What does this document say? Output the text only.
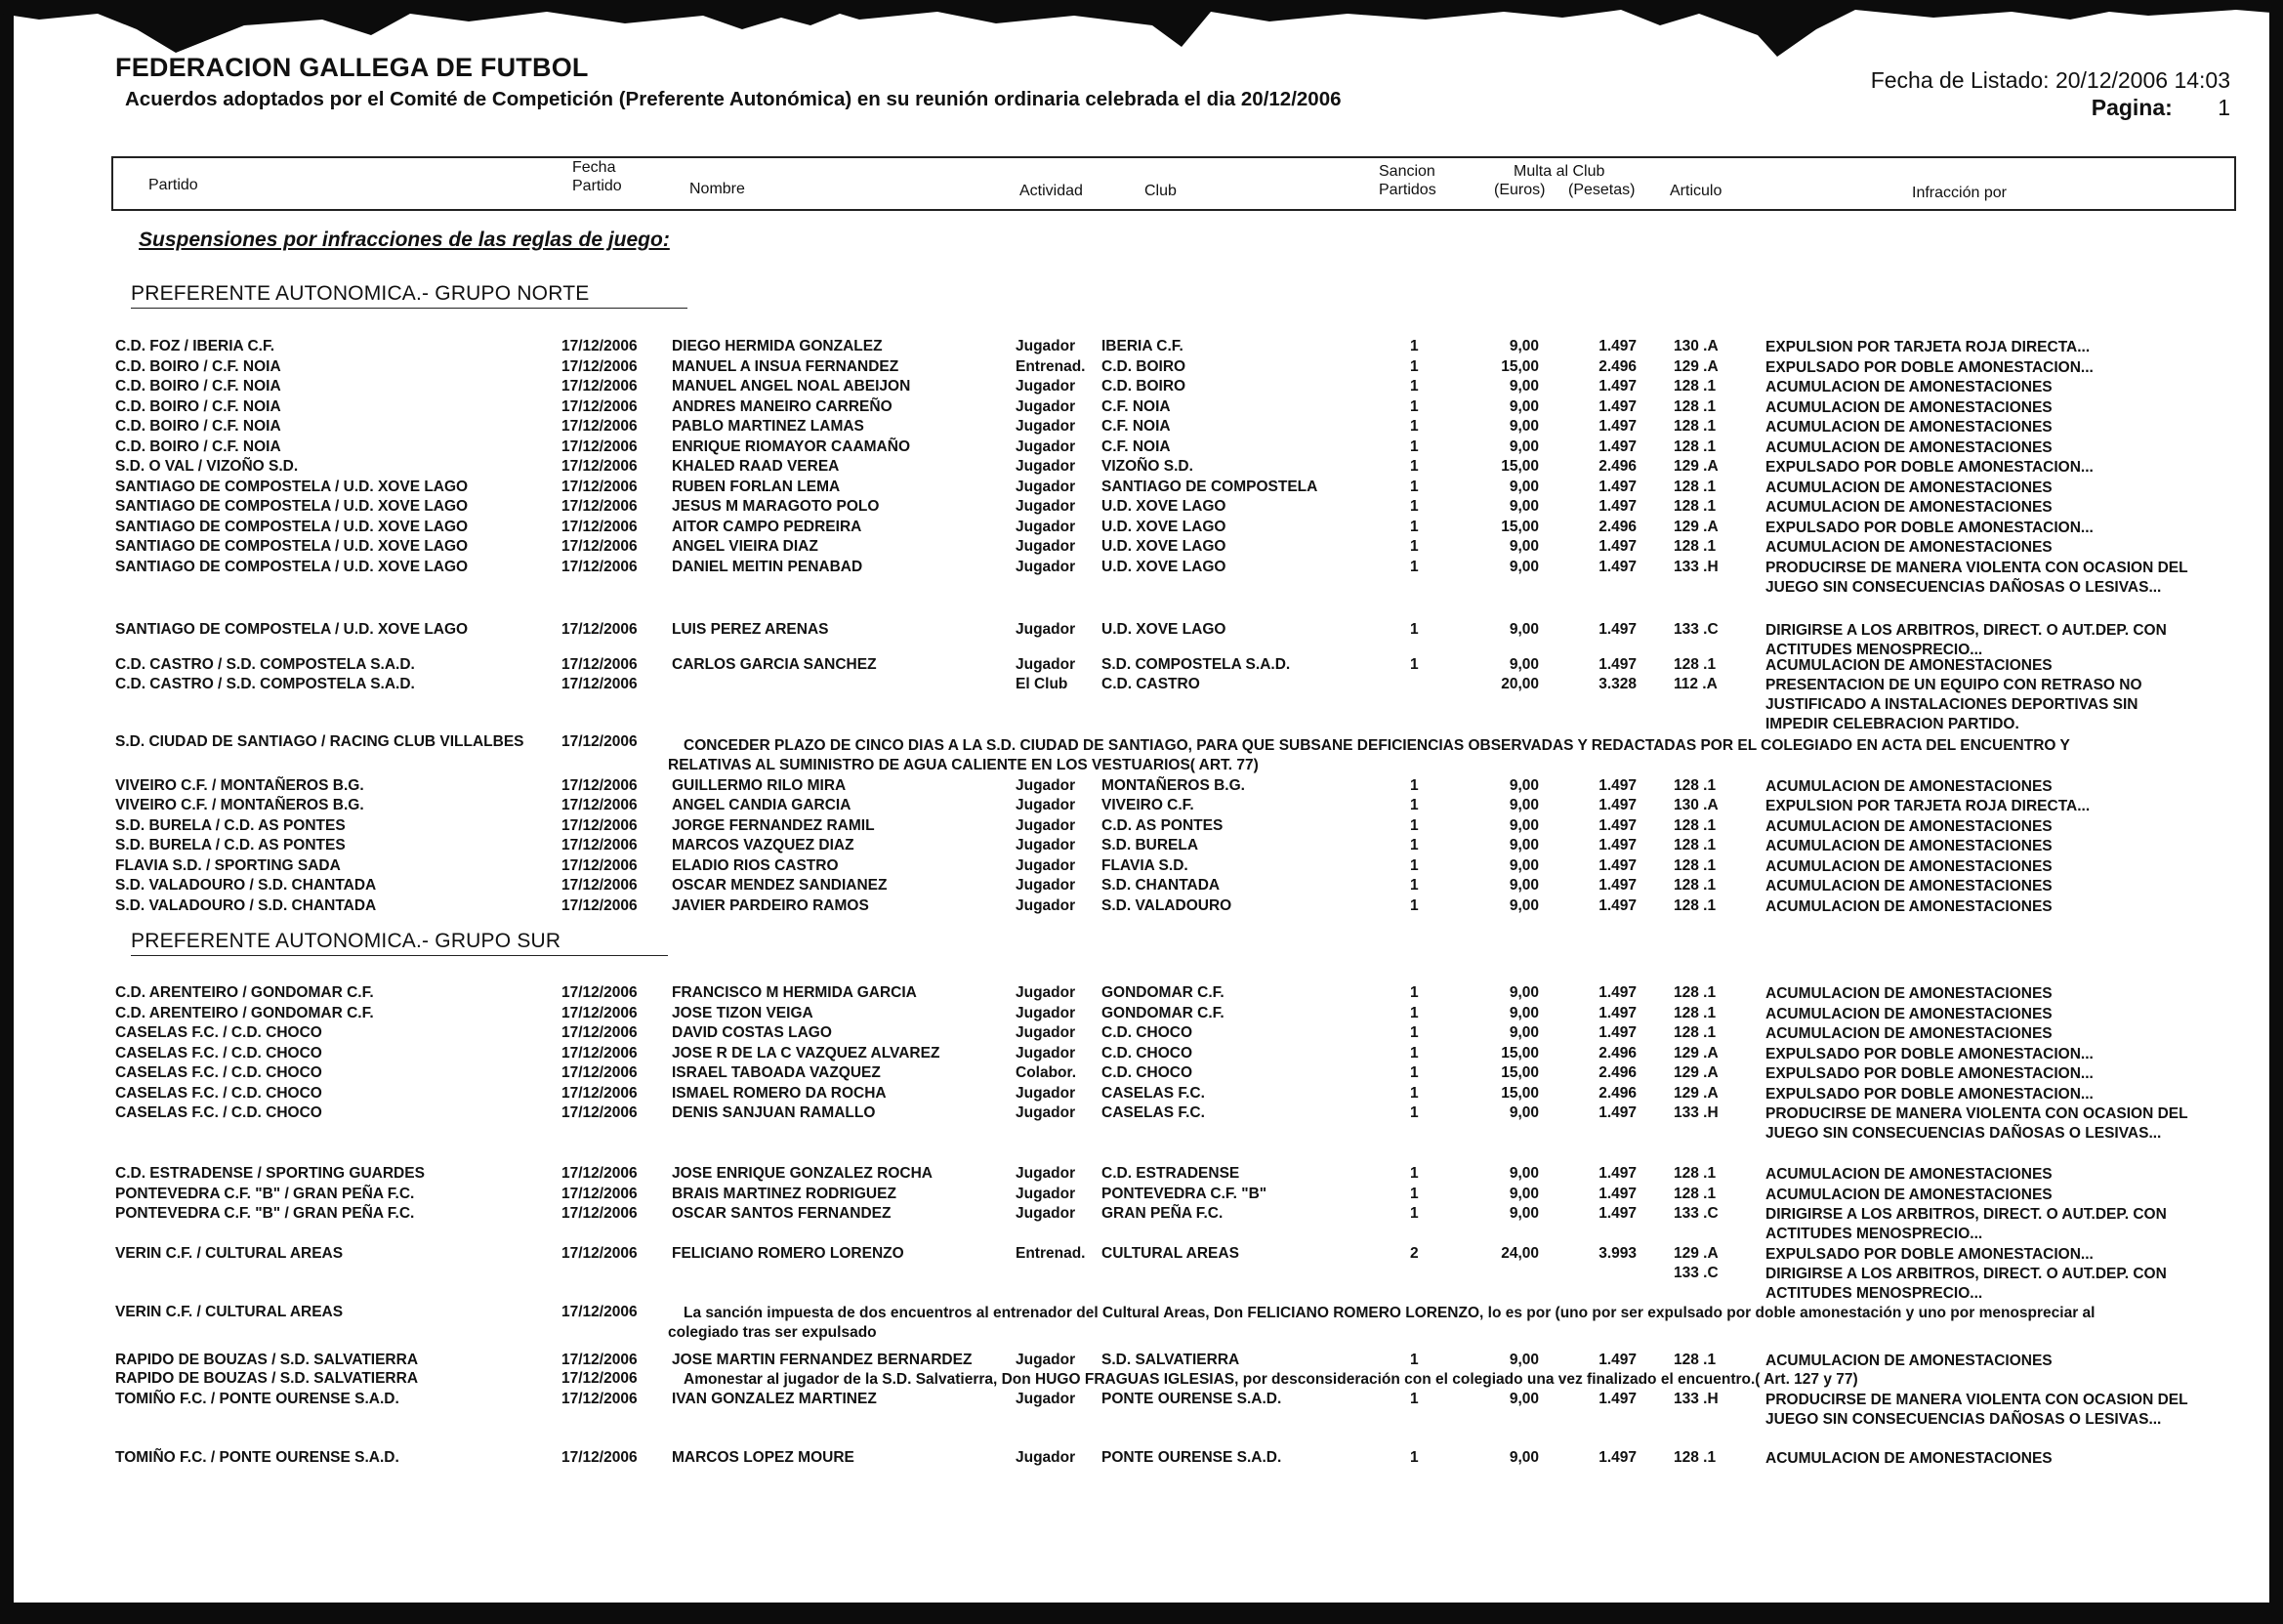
FEDERACION GALLEGA DE FUTBOL
Acuerdos adoptados por el Comité de Competición (Preferente Autonómica) en su reunión ordinaria celebrada el dia 20/12/2006
Fecha de Listado: 20/12/2006 14:03
Pagina: 1
Partido
Fecha
Partido	Nombre	Actividad	Club
Sancion
Partidos
Multa al Club
(Euros) (Pesetas) Articulo	Infracción por
Suspensiones por infracciones de las reglas de juego:
PREFERENTE AUTONOMICA.- GRUPO NORTE
C.D. FOZ / IBERIA C.F.	17/12/2006 DIEGO HERMIDA GONZALEZ	Jugador IBERIA C.F.	1	9,00	1.497 130 .A	EXPULSION POR TARJETA ROJA DIRECTA...
C.D. BOIRO / C.F. NOIA	17/12/2006 MANUEL A INSUA FERNANDEZ	Entrenad. C.D. BOIRO	1	15,00	2.496 129 .A	EXPULSADO POR DOBLE AMONESTACION...
C.D. BOIRO / C.F. NOIA	17/12/2006 MANUEL ANGEL NOAL ABEIJON	Jugador C.D. BOIRO	1	9,00	1.497 128 .1	ACUMULACION DE AMONESTACIONES
C.D. BOIRO / C.F. NOIA	17/12/2006 ANDRES MANEIRO CARREÑO	Jugador C.F. NOIA	1	9,00	1.497 128 .1	ACUMULACION DE AMONESTACIONES
C.D. BOIRO / C.F. NOIA	17/12/2006 PABLO MARTINEZ LAMAS	Jugador C.F. NOIA	1	9,00	1.497 128 .1	ACUMULACION DE AMONESTACIONES
C.D. BOIRO / C.F. NOIA	17/12/2006 ENRIQUE RIOMAYOR CAAMAÑO	Jugador C.F. NOIA	1	9,00	1.497 128 .1	ACUMULACION DE AMONESTACIONES
S.D. O VAL / VIZOÑO S.D.	17/12/2006 KHALED RAAD VEREA	Jugador VIZOÑO S.D.	1	15,00	2.496 129 .A	EXPULSADO POR DOBLE AMONESTACION...
SANTIAGO DE COMPOSTELA / U.D. XOVE LAGO	17/12/2006 RUBEN FORLAN LEMA	Jugador SANTIAGO DE COMPOSTELA	1	9,00	1.497 128 .1	ACUMULACION DE AMONESTACIONES
SANTIAGO DE COMPOSTELA / U.D. XOVE LAGO	17/12/2006 JESUS M MARAGOTO POLO	Jugador U.D. XOVE LAGO	1	9,00	1.497 128 .1	ACUMULACION DE AMONESTACIONES
SANTIAGO DE COMPOSTELA / U.D. XOVE LAGO	17/12/2006 AITOR CAMPO PEDREIRA	Jugador U.D. XOVE LAGO	1	15,00	2.496 129 .A	EXPULSADO POR DOBLE AMONESTACION...
SANTIAGO DE COMPOSTELA / U.D. XOVE LAGO	17/12/2006 ANGEL VIEIRA DIAZ	Jugador U.D. XOVE LAGO	1	9,00	1.497 128 .1	ACUMULACION DE AMONESTACIONES
SANTIAGO DE COMPOSTELA / U.D. XOVE LAGO	17/12/2006 DANIEL MEITIN PENABAD	Jugador U.D. XOVE LAGO	1	9,00	1.497 133 .H	PRODUCIRSE DE MANERA VIOLENTA CON OCASION DEL
JUEGO SIN CONSECUENCIAS DAÑOSAS O LESIVAS...
SANTIAGO DE COMPOSTELA / U.D. XOVE LAGO	17/12/2006 LUIS PEREZ ARENAS	Jugador U.D. XOVE LAGO	1	9,00	1.497 133 .C	DIRIGIRSE A LOS ARBITROS, DIRECT. O AUT.DEP. CON
ACTITUDES MENOSPRECIO...
C.D. CASTRO / S.D. COMPOSTELA S.A.D.	17/12/2006 CARLOS GARCIA SANCHEZ	Jugador S.D. COMPOSTELA S.A.D.	1	9,00	1.497 128 .1	ACUMULACION DE AMONESTACIONES
C.D. CASTRO / S.D. COMPOSTELA S.A.D.	17/12/2006	El Club C.D. CASTRO	20,00	3.328 112 .A	PRESENTACION DE UN EQUIPO CON RETRASO NO
JUSTIFICADO A INSTALACIONES DEPORTIVAS SIN
IMPEDIR CELEBRACION PARTIDO.
S.D. CIUDAD DE SANTIAGO / RACING CLUB VILLALBES 17/12/2006	CONCEDER PLAZO DE CINCO DIAS A LA S.D. CIUDAD DE SANTIAGO, PARA QUE SUBSANE DEFICIENCIAS OBSERVADAS Y REDACTADAS POR EL COLEGIADO EN ACTA DEL ENCUENTRO Y
RELATIVAS AL SUMINISTRO DE AGUA CALIENTE EN LOS VESTUARIOS( ART. 77)
VIVEIRO C.F. / MONTAÑEROS B.G.	17/12/2006 GUILLERMO RILO MIRA	Jugador MONTAÑEROS B.G.	1	9,00	1.497 128 .1	ACUMULACION DE AMONESTACIONES
VIVEIRO C.F. / MONTAÑEROS B.G.	17/12/2006 ANGEL CANDIA GARCIA	Jugador VIVEIRO C.F.	1	9,00	1.497 130 .A	EXPULSION POR TARJETA ROJA DIRECTA...
S.D. BURELA / C.D. AS PONTES	17/12/2006 JORGE FERNANDEZ RAMIL	Jugador C.D. AS PONTES	1	9,00	1.497 128 .1	ACUMULACION DE AMONESTACIONES
S.D. BURELA / C.D. AS PONTES	17/12/2006 MARCOS VAZQUEZ DIAZ	Jugador S.D. BURELA	1	9,00	1.497 128 .1	ACUMULACION DE AMONESTACIONES
FLAVIA S.D. / SPORTING SADA	17/12/2006 ELADIO RIOS CASTRO	Jugador FLAVIA S.D.	1	9,00	1.497 128 .1	ACUMULACION DE AMONESTACIONES
S.D. VALADOURO / S.D. CHANTADA	17/12/2006 OSCAR MENDEZ SANDIANEZ	Jugador S.D. CHANTADA	1	9,00	1.497 128 .1	ACUMULACION DE AMONESTACIONES
S.D. VALADOURO / S.D. CHANTADA	17/12/2006 JAVIER PARDEIRO RAMOS	Jugador S.D. VALADOURO	1	9,00	1.497 128 .1	ACUMULACION DE AMONESTACIONES
PREFERENTE AUTONOMICA.- GRUPO SUR
C.D. ARENTEIRO / GONDOMAR C.F.	17/12/2006 FRANCISCO M HERMIDA GARCIA	Jugador GONDOMAR C.F.	1	9,00	1.497 128 .1	ACUMULACION DE AMONESTACIONES
C.D. ARENTEIRO / GONDOMAR C.F.	17/12/2006 JOSE TIZON VEIGA	Jugador GONDOMAR C.F.	1	9,00	1.497 128 .1	ACUMULACION DE AMONESTACIONES
CASELAS F.C. / C.D. CHOCO	17/12/2006 DAVID COSTAS LAGO	Jugador C.D. CHOCO	1	9,00	1.497 128 .1	ACUMULACION DE AMONESTACIONES
CASELAS F.C. / C.D. CHOCO	17/12/2006 JOSE R DE LA C VAZQUEZ ALVAREZ	Jugador C.D. CHOCO	1	15,00	2.496 129 .A	EXPULSADO POR DOBLE AMONESTACION...
CASELAS F.C. / C.D. CHOCO	17/12/2006 ISRAEL TABOADA VAZQUEZ	Colabor. C.D. CHOCO	1	15,00	2.496 129 .A	EXPULSADO POR DOBLE AMONESTACION...
CASELAS F.C. / C.D. CHOCO	17/12/2006 ISMAEL ROMERO DA ROCHA	Jugador CASELAS F.C.	1	15,00	2.496 129 .A	EXPULSADO POR DOBLE AMONESTACION...
CASELAS F.C. / C.D. CHOCO	17/12/2006 DENIS SANJUAN RAMALLO	Jugador CASELAS F.C.	1	9,00	1.497 133 .H	PRODUCIRSE DE MANERA VIOLENTA CON OCASION DEL
JUEGO SIN CONSECUENCIAS DAÑOSAS O LESIVAS...
C.D. ESTRADENSE / SPORTING GUARDES	17/12/2006 JOSE ENRIQUE GONZALEZ ROCHA	Jugador C.D. ESTRADENSE	1	9,00	1.497 128 .1	ACUMULACION DE AMONESTACIONES
PONTEVEDRA C.F. "B" / GRAN PEÑA F.C.	17/12/2006 BRAIS MARTINEZ RODRIGUEZ	Jugador PONTEVEDRA C.F. "B"	1	9,00	1.497 128 .1	ACUMULACION DE AMONESTACIONES
PONTEVEDRA C.F. "B" / GRAN PEÑA F.C.	17/12/2006 OSCAR SANTOS FERNANDEZ	Jugador GRAN PEÑA F.C.	1	9,00	1.497 133 .C	DIRIGIRSE A LOS ARBITROS, DIRECT. O AUT.DEP. CON
ACTITUDES MENOSPRECIO...
VERIN C.F. / CULTURAL AREAS	17/12/2006 FELICIANO ROMERO LORENZO	Entrenad. CULTURAL AREAS	2	24,00	3.993 129 .A	EXPULSADO POR DOBLE AMONESTACION...
133 .C	DIRIGIRSE A LOS ARBITROS, DIRECT. O AUT.DEP. CON
ACTITUDES MENOSPRECIO...
VERIN C.F. / CULTURAL AREAS	17/12/2006	La sanción impuesta de dos encuentros al entrenador del Cultural Areas, Don FELICIANO ROMERO LORENZO, lo es por (uno por ser expulsado por doble amonestación y uno por menospreciar al
colegiado tras ser expulsado
RAPIDO DE BOUZAS / S.D. SALVATIERRA	17/12/2006 JOSE MARTIN FERNANDEZ BERNARDEZ	Jugador S.D. SALVATIERRA	1	9,00	1.497 128 .1	ACUMULACION DE AMONESTACIONES
RAPIDO DE BOUZAS / S.D. SALVATIERRA	17/12/2006	Amonestar al jugador de la S.D. Salvatierra, Don HUGO FRAGUAS IGLESIAS, por desconsideración con el colegiado una vez finalizado el encuentro.( Art. 127 y 77)
TOMIÑO F.C. / PONTE OURENSE S.A.D.	17/12/2006 IVAN GONZALEZ MARTINEZ	Jugador PONTE OURENSE S.A.D.	1	9,00	1.497 133 .H	PRODUCIRSE DE MANERA VIOLENTA CON OCASION DEL
JUEGO SIN CONSECUENCIAS DAÑOSAS O LESIVAS...
TOMIÑO F.C. / PONTE OURENSE S.A.D.	17/12/2006 MARCOS LOPEZ MOURE	Jugador PONTE OURENSE S.A.D.	1	9,00	1.497 128 .1	ACUMULACION DE AMONESTACIONES
